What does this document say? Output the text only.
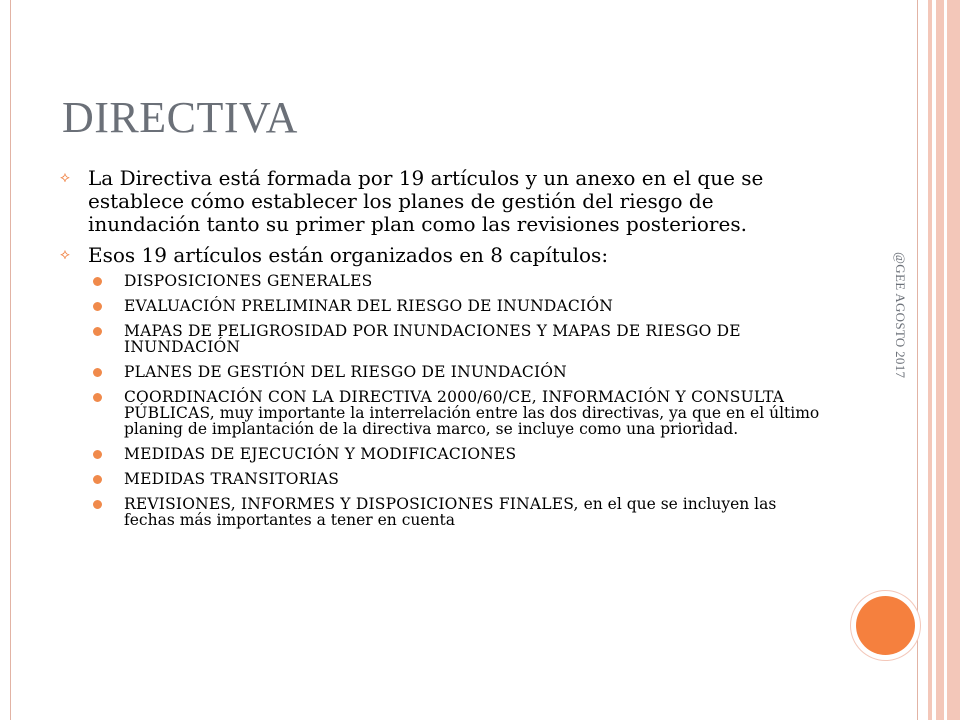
DIRECTIVA
⟡ La Directiva está formada por 19 artículos y un anexo en el que se establece cómo establecer los planes de gestión del riesgo de inundación tanto su primer plan como las revisiones posteriores.
⟡ Esos 19 artículos están organizados en 8 capítulos:
DISPOSICIONES GENERALES
EVALUACIÓN PRELIMINAR DEL RIESGO DE INUNDACIÓN
MAPAS DE PELIGROSIDAD POR INUNDACIONES Y MAPAS DE RIESGO DE INUNDACIÓN
PLANES DE GESTIÓN DEL RIESGO DE INUNDACIÓN
COORDINACIÓN CON LA DIRECTIVA 2000/60/CE, INFORMACIÓN Y CONSULTA PÚBLICAS, muy importante la interrelación entre las dos directivas, ya que en el último planing de implantación de la directiva marco, se incluye como una prioridad.
MEDIDAS DE EJECUCIÓN Y MODIFICACIONES
MEDIDAS TRANSITORIAS
REVISIONES, INFORMES Y DISPOSICIONES FINALES, en el que se incluyen las fechas más importantes a tener en cuenta
@GEE AGOSTO 2017
